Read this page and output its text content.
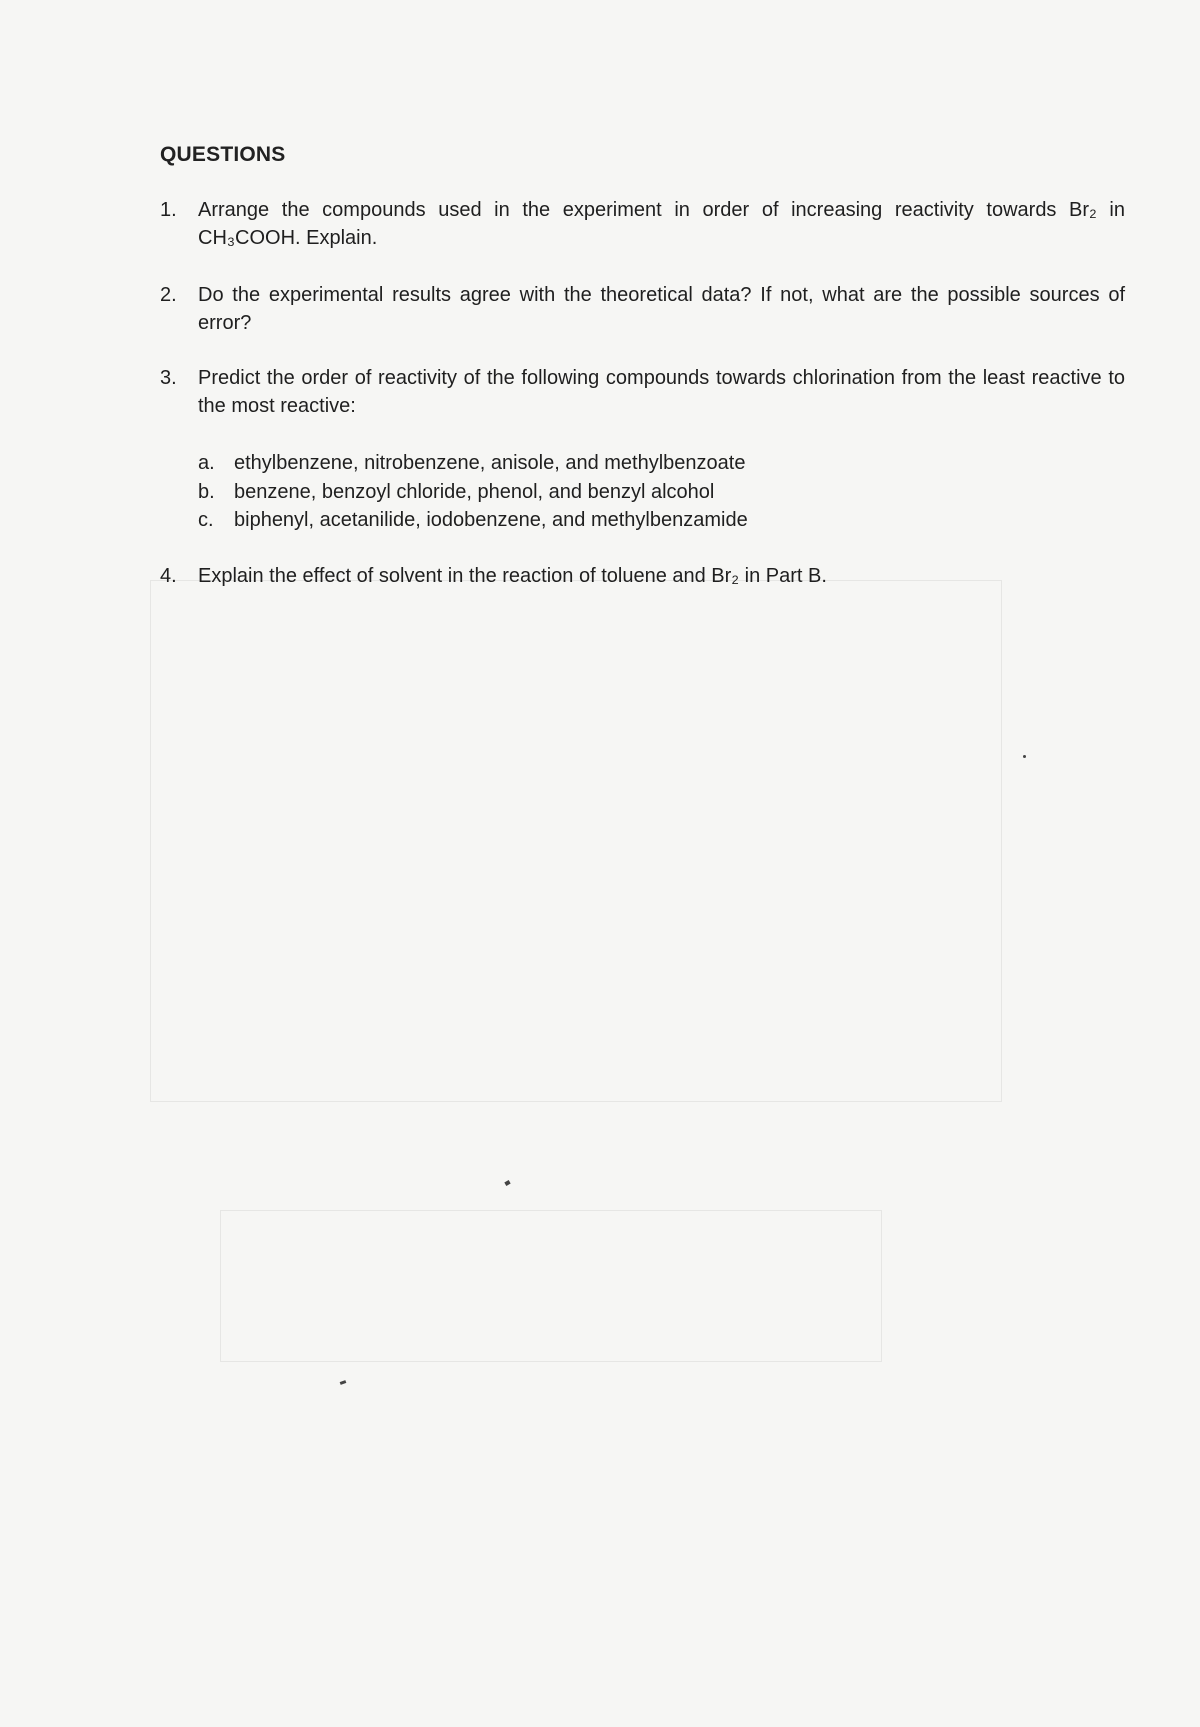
QUESTIONS
1.	Arrange the compounds used in the experiment in order of increasing reactivity towards Br₂ in CH₃COOH. Explain.
2.	Do the experimental results agree with the theoretical data? If not, what are the possible sources of error?
3.	Predict the order of reactivity of the following compounds towards chlorination from the least reactive to the most reactive:
a. ethylbenzene, nitrobenzene, anisole, and methylbenzoate
b. benzene, benzoyl chloride, phenol, and benzyl alcohol
c. biphenyl, acetanilide, iodobenzene, and methylbenzamide
4.	Explain the effect of solvent in the reaction of toluene and Br₂ in Part B.
